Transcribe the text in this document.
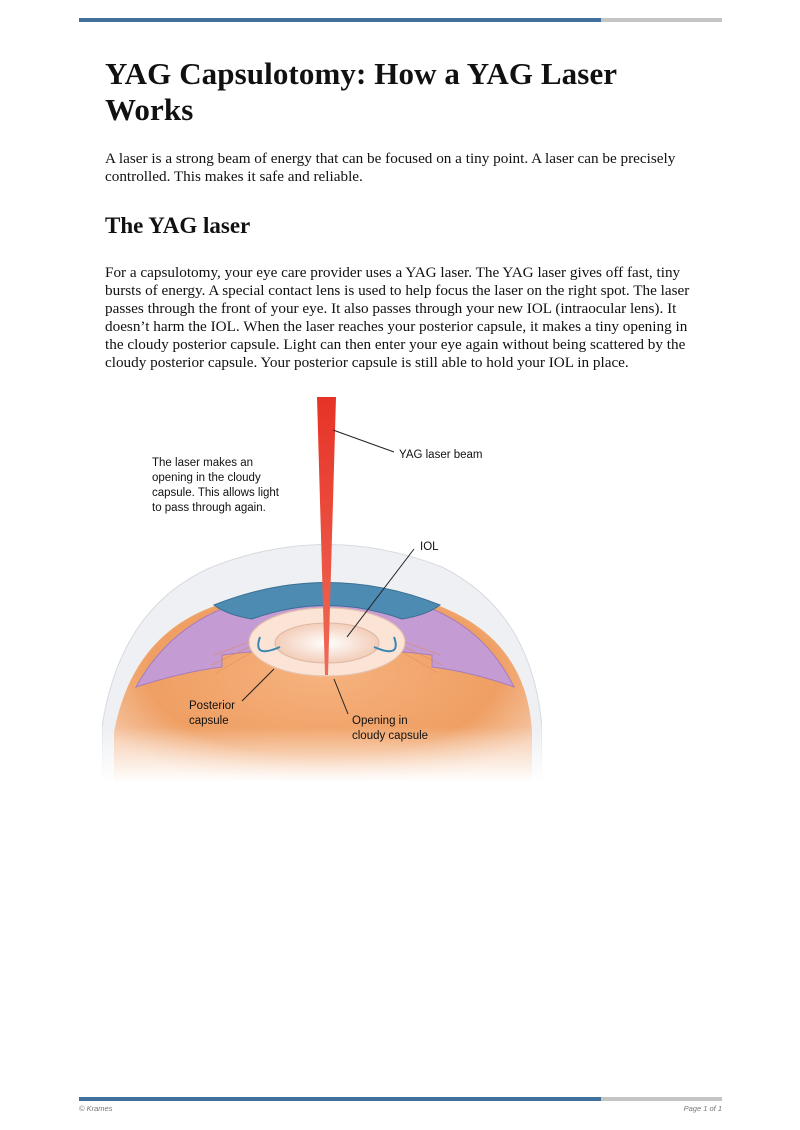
YAG Capsulotomy: How a YAG Laser Works

A laser is a strong beam of energy that can be focused on a tiny point. A laser can be precisely controlled. This makes it safe and reliable.

The YAG laser

For a capsulotomy, your eye care provider uses a YAG laser. The YAG laser gives off fast, tiny bursts of energy. A special contact lens is used to help focus the laser on the right spot. The laser passes through the front of your eye. It also passes through your new IOL (intraocular lens). It doesn’t harm the IOL. When the laser reaches your posterior capsule, it makes a tiny opening in the cloudy posterior capsule. Light can then enter your eye again without being scattered by the cloudy posterior capsule. Your posterior capsule is still able to hold your IOL in place.

The laser makes an
opening in the cloudy
capsule. This allows light
to pass through again.
YAG laser beam
IOL
Posterior
capsule	Opening in
cloudy capsule
© Krames	Page 1 of 1
